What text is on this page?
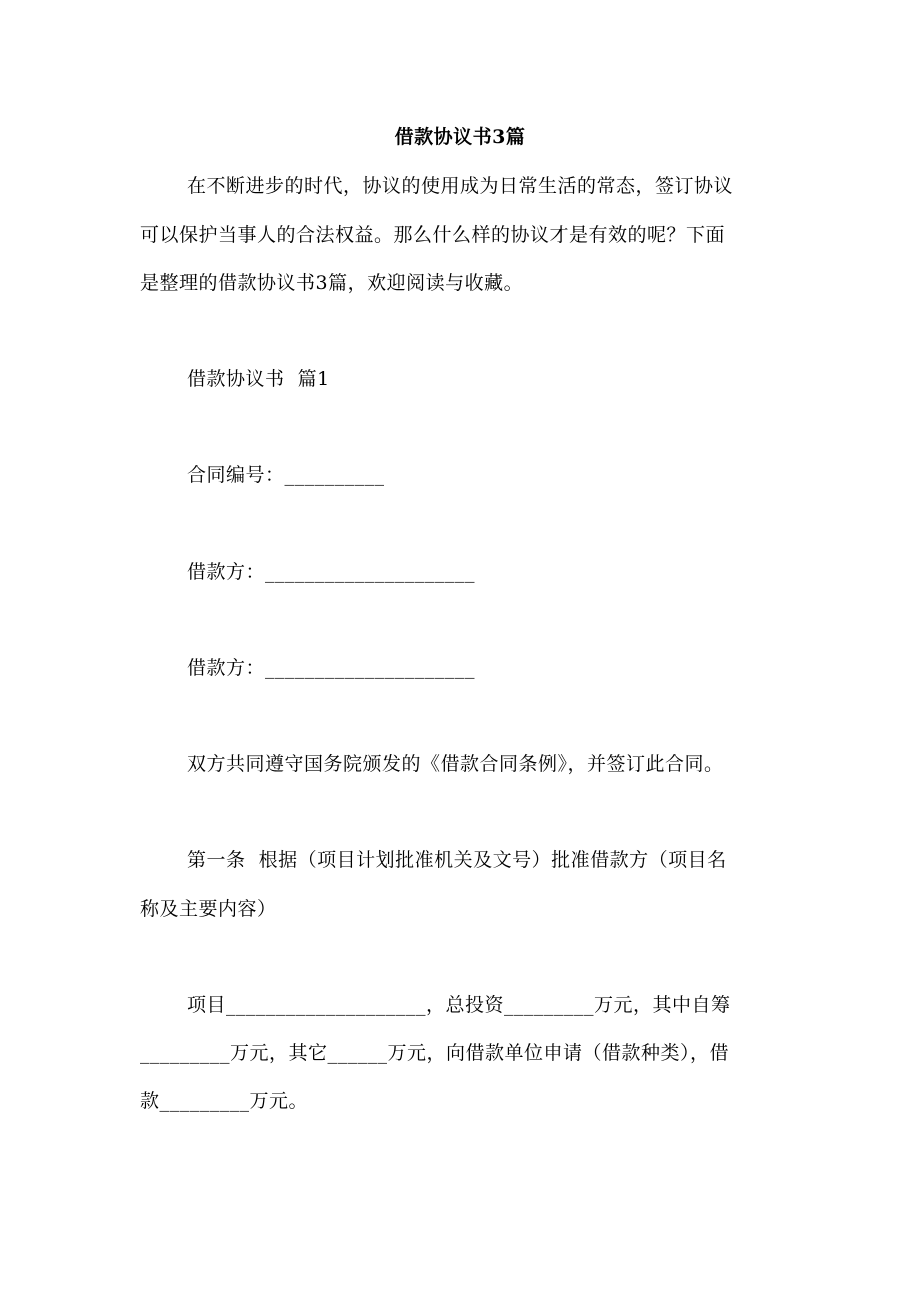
借款协议书3篇
在不断进步的时代，协议的使用成为日常生活的常态，签订协议
可以保护当事人的合法权益。那么什么样的协议才是有效的呢？下面
是整理的借款协议书3篇，欢迎阅读与收藏。
借款协议书  篇1
合同编号：__________
借款方：_____________________
借款方：_____________________
双方共同遵守国务院颁发的《借款合同条例》，并签订此合同。
第一条  根据（项目计划批准机关及文号）批准借款方（项目名
称及主要内容）
项目____________________，总投资_________万元，其中自筹
_________万元，其它______万元，向借款单位申请（借款种类），借
款_________万元。
